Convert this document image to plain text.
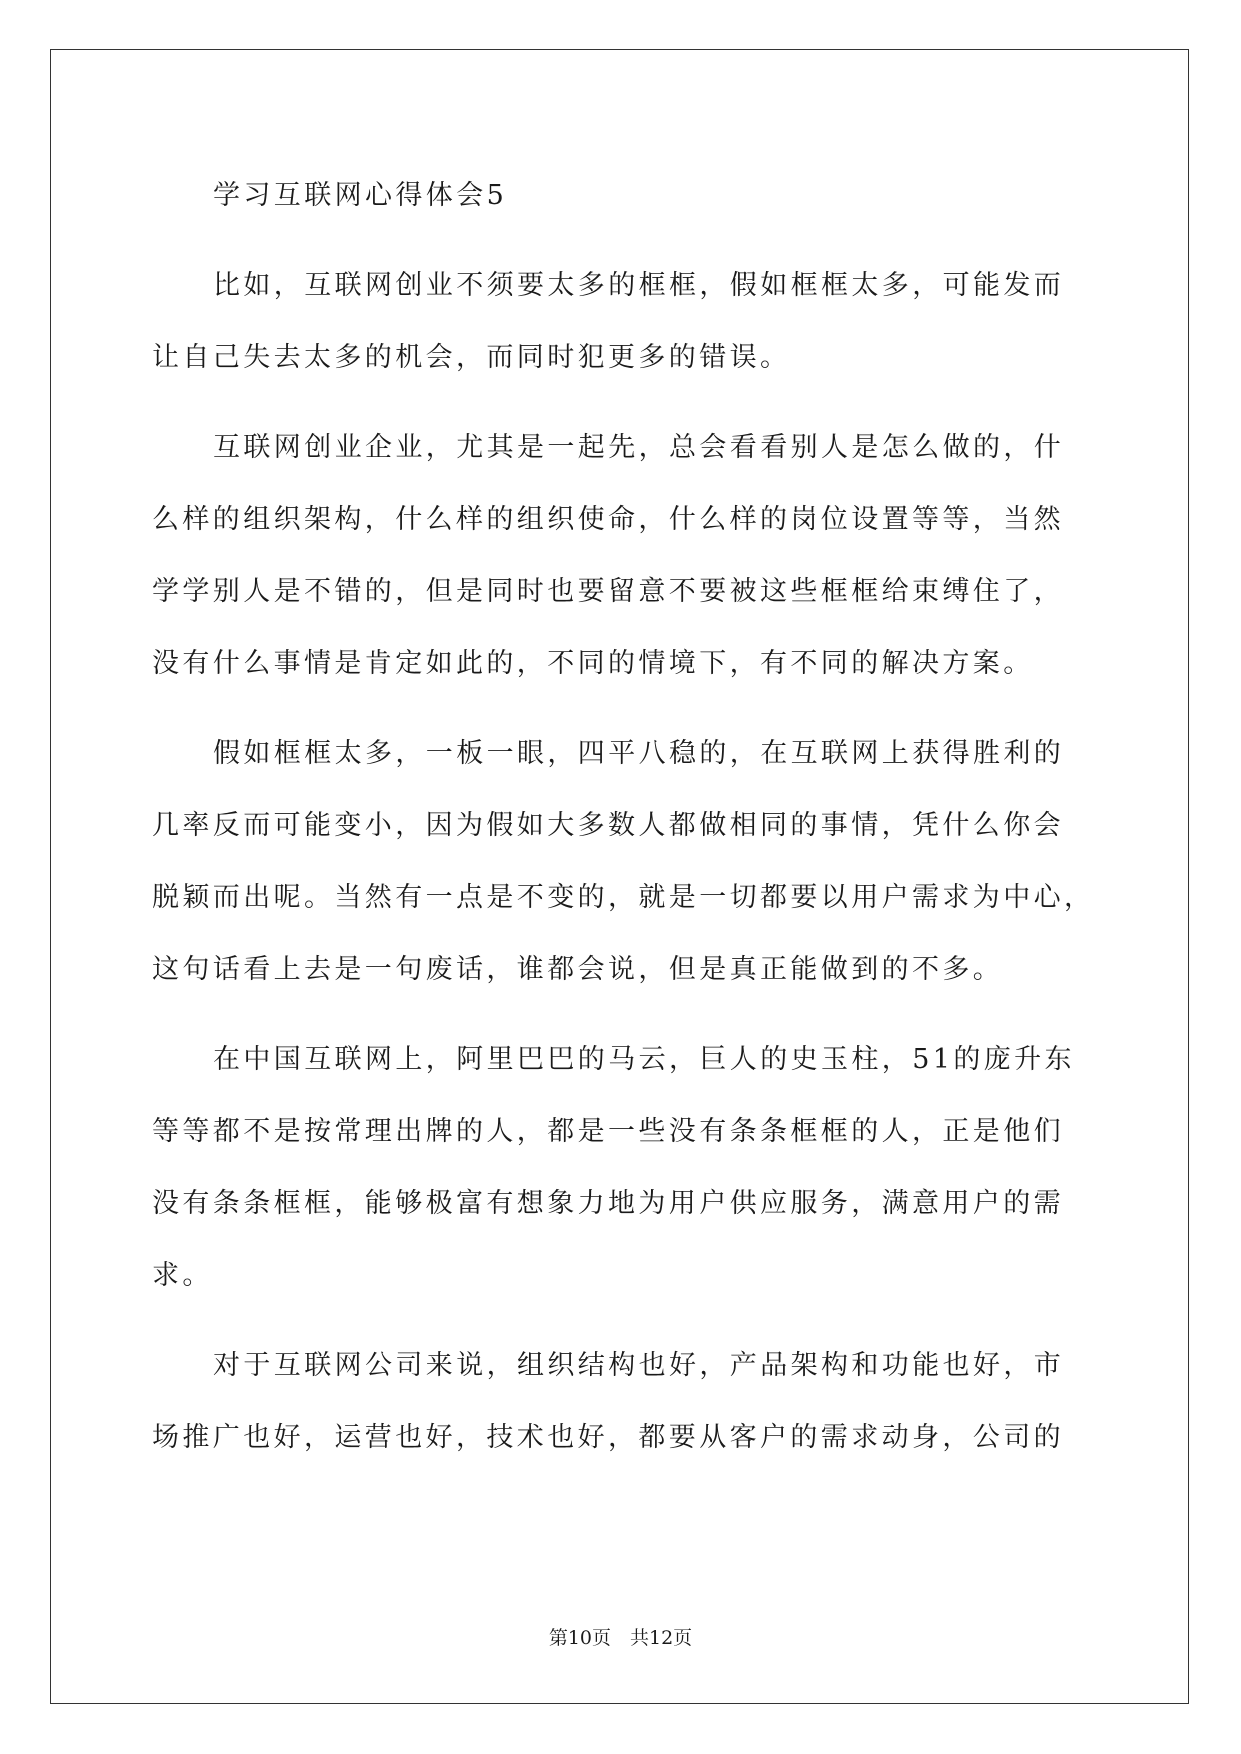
学习互联网心得体会5
比如，互联网创业不须要太多的框框，假如框框太多，可能发而
让自己失去太多的机会，而同时犯更多的错误。
互联网创业企业，尤其是一起先，总会看看别人是怎么做的，什
么样的组织架构，什么样的组织使命，什么样的岗位设置等等，当然
学学别人是不错的，但是同时也要留意不要被这些框框给束缚住了，
没有什么事情是肯定如此的，不同的情境下，有不同的解决方案。
假如框框太多，一板一眼，四平八稳的，在互联网上获得胜利的
几率反而可能变小，因为假如大多数人都做相同的事情，凭什么你会
脱颖而出呢。当然有一点是不变的，就是一切都要以用户需求为中心，
这句话看上去是一句废话，谁都会说，但是真正能做到的不多。
在中国互联网上，阿里巴巴的马云，巨人的史玉柱，51的庞升东
等等都不是按常理出牌的人，都是一些没有条条框框的人，正是他们
没有条条框框，能够极富有想象力地为用户供应服务，满意用户的需
求。
对于互联网公司来说，组织结构也好，产品架构和功能也好，市
场推广也好，运营也好，技术也好，都要从客户的需求动身，公司的
第10页　共12页
